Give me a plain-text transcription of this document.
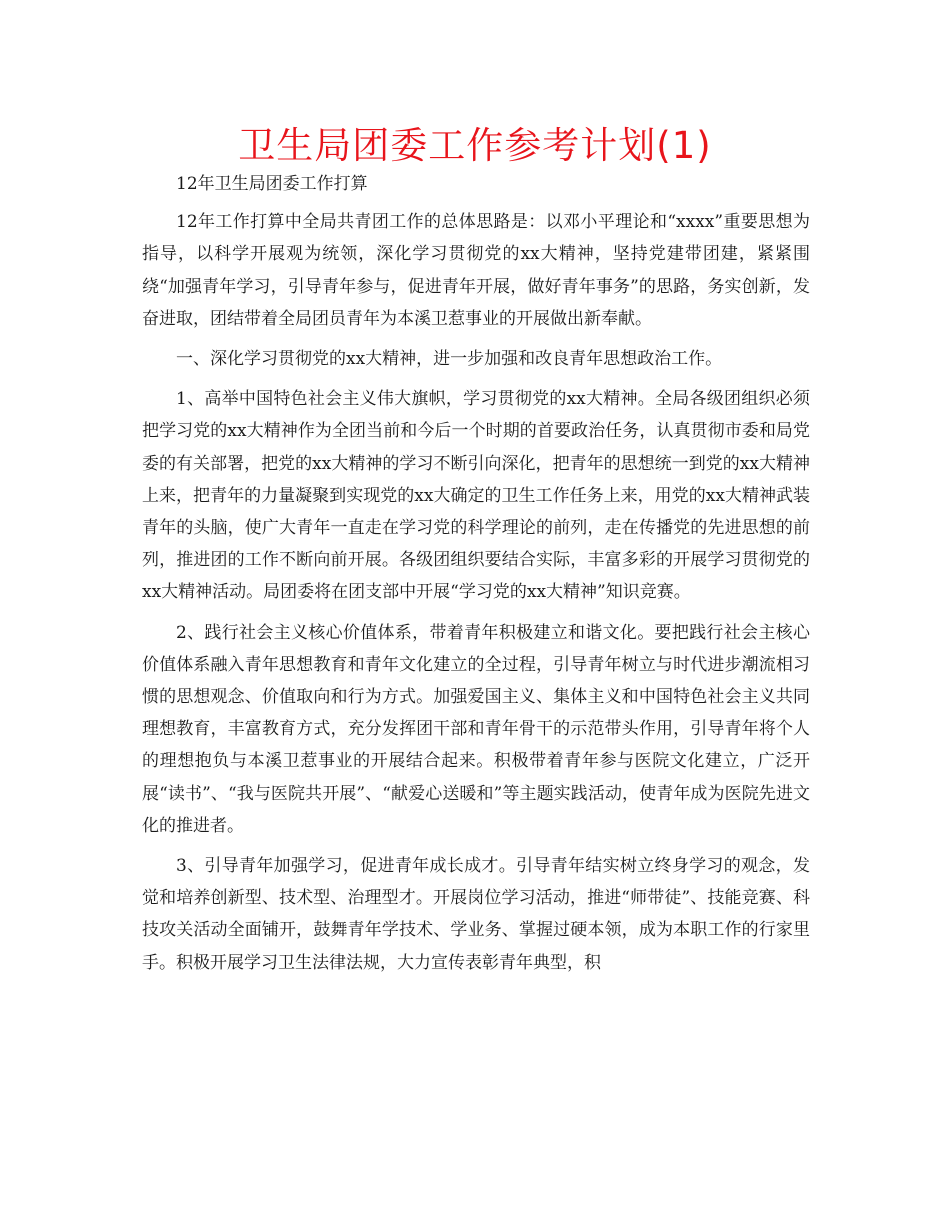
卫生局团委工作参考计划(1)

12年卫生局团委工作打算

12年工作打算中全局共青团工作的总体思路是：以邓小平理论和“xxxx”重要思想为指导，以科学开展观为统领，深化学习贯彻党的xx大精神，坚持党建带团建，紧紧围绕“加强青年学习，引导青年参与，促进青年开展，做好青年事务”的思路，务实创新，发奋进取，团结带着全局团员青年为本溪卫惹事业的开展做出新奉献。

一、深化学习贯彻党的xx大精神，进一步加强和改良青年思想政治工作。

1、高举中国特色社会主义伟大旗帜，学习贯彻党的xx大精神。全局各级团组织必须把学习党的xx大精神作为全团当前和今后一个时期的首要政治任务，认真贯彻市委和局党委的有关部署，把党的xx大精神的学习不断引向深化，把青年的思想统一到党的xx大精神上来，把青年的力量凝聚到实现党的xx大确定的卫生工作任务上来，用党的xx大精神武装青年的头脑，使广大青年一直走在学习党的科学理论的前列，走在传播党的先进思想的前列，推进团的工作不断向前开展。各级团组织要结合实际，丰富多彩的开展学习贯彻党的xx大精神活动。局团委将在团支部中开展“学习党的xx大精神”知识竞赛。

2、践行社会主义核心价值体系，带着青年积极建立和谐文化。要把践行社会主核心价值体系融入青年思想教育和青年文化建立的全过程，引导青年树立与时代进步潮流相习惯的思想观念、价值取向和行为方式。加强爱国主义、集体主义和中国特色社会主义共同理想教育，丰富教育方式，充分发挥团干部和青年骨干的示范带头作用，引导青年将个人的理想抱负与本溪卫惹事业的开展结合起来。积极带着青年参与医院文化建立，广泛开展“读书”、“我与医院共开展”、“献爱心送暖和”等主题实践活动，使青年成为医院先进文化的推进者。

3、引导青年加强学习，促进青年成长成才。引导青年结实树立终身学习的观念，发觉和培养创新型、技术型、治理型才。开展岗位学习活动，推进“师带徒”、技能竞赛、科技攻关活动全面铺开，鼓舞青年学技术、学业务、掌握过硬本领，成为本职工作的行家里手。积极开展学习卫生法律法规，大力宣传表彰青年典型，积
